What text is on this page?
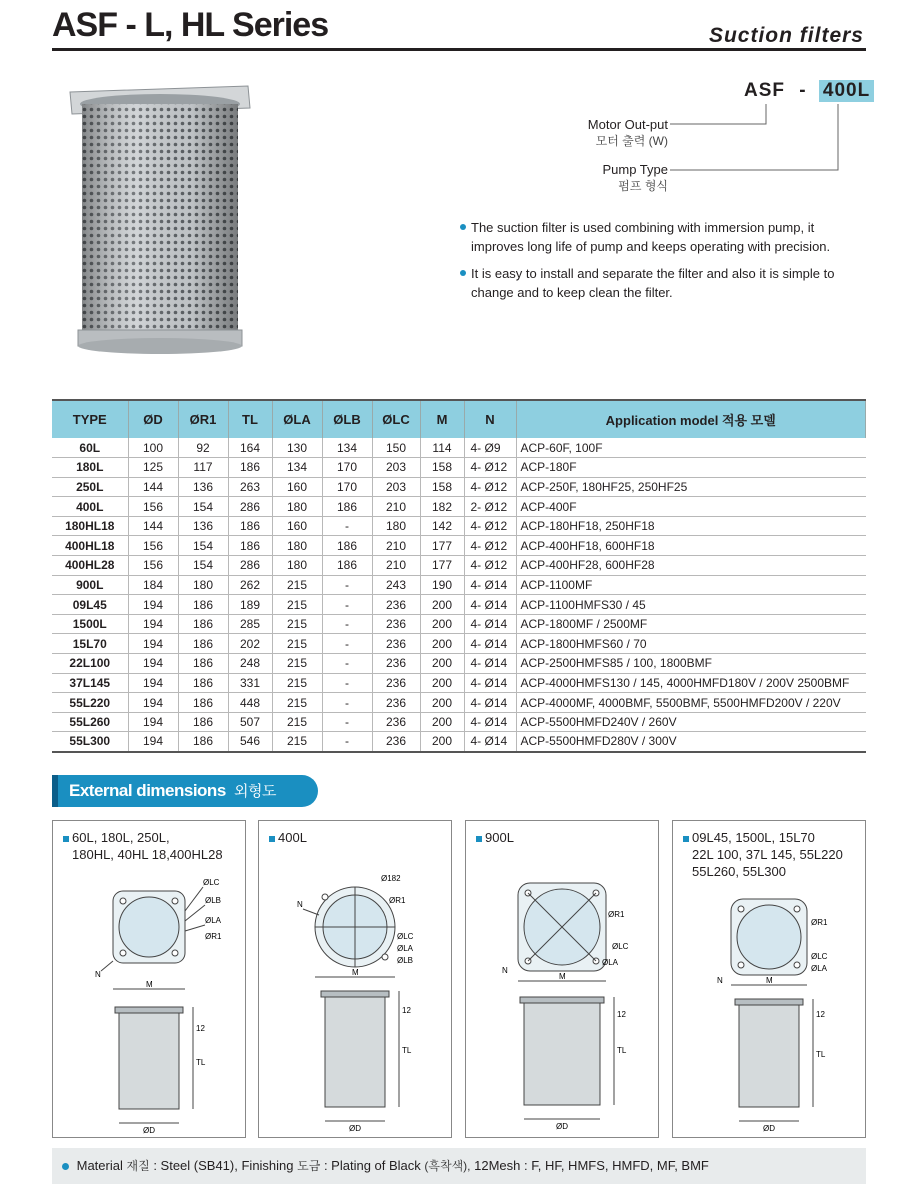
ASF - L, HL Series	Suction filters
ASF - 400L
Motor Out-put
모터 출력 (W)
Pump Type
펌프 형식
The suction filter is used combining with immersion pump, it improves long life of pump and keeps operating with precision.
It is easy to install and separate the filter and also it is simple to change and to keep clean the filter.
TYPE	ØD	ØR1	TL	ØLA	ØLB	ØLC	M	N	Application model 적용 모델
60L	100	92	164	130	134	150	114	4- Ø9	ACP-60F, 100F
180L	125	117	186	134	170	203	158	4- Ø12	ACP-180F
250L	144	136	263	160	170	203	158	4- Ø12	ACP-250F, 180HF25, 250HF25
400L	156	154	286	180	186	210	182	2- Ø12	ACP-400F
180HL18	144	136	186	160	-	180	142	4- Ø12	ACP-180HF18, 250HF18
400HL18	156	154	186	180	186	210	177	4- Ø12	ACP-400HF18, 600HF18
400HL28	156	154	286	180	186	210	177	4- Ø12	ACP-400HF28, 600HF28
900L	184	180	262	215	-	243	190	4- Ø14	ACP-1100MF
09L45	194	186	189	215	-	236	200	4- Ø14	ACP-1100HMFS30 / 45
1500L	194	186	285	215	-	236	200	4- Ø14	ACP-1800MF / 2500MF
15L70	194	186	202	215	-	236	200	4- Ø14	ACP-1800HMFS60 / 70
22L100	194	186	248	215	-	236	200	4- Ø14	ACP-2500HMFS85 / 100, 1800BMF
37L145	194	186	331	215	-	236	200	4- Ø14	ACP-4000HMFS130 / 145, 4000HMFD180V / 200V 2500BMF
55L220	194	186	448	215	-	236	200	4- Ø14	ACP-4000MF, 4000BMF, 5500BMF, 5500HMFD200V / 220V
55L260	194	186	507	215	-	236	200	4- Ø14	ACP-5500HMFD240V / 260V
55L300	194	186	546	215	-	236	200	4- Ø14	ACP-5500HMFD280V / 300V
External dimensions 외형도
60L, 180L, 250L,
180HL, 40HL 18,400HL28
N
M
ØLC
ØLB
ØLA
ØR1
12
TL
ØD
400L
N
M
Ø182
ØR1
ØLC
ØLA
ØLB
12
TL
ØD
900L
N
M
ØR1
ØLC
ØLA
12
TL
ØD
09L45, 1500L, 15L70
22L 100, 37L 145, 55L220
55L260, 55L300
N	M
ØR1
ØLC
ØLA
12
TL
ØD
Material 재질 : Steel (SB41), Finishing 도금 : Plating of Black (흑착색), 12Mesh : F, HF, HMFS, HMFD, MF, BMF
